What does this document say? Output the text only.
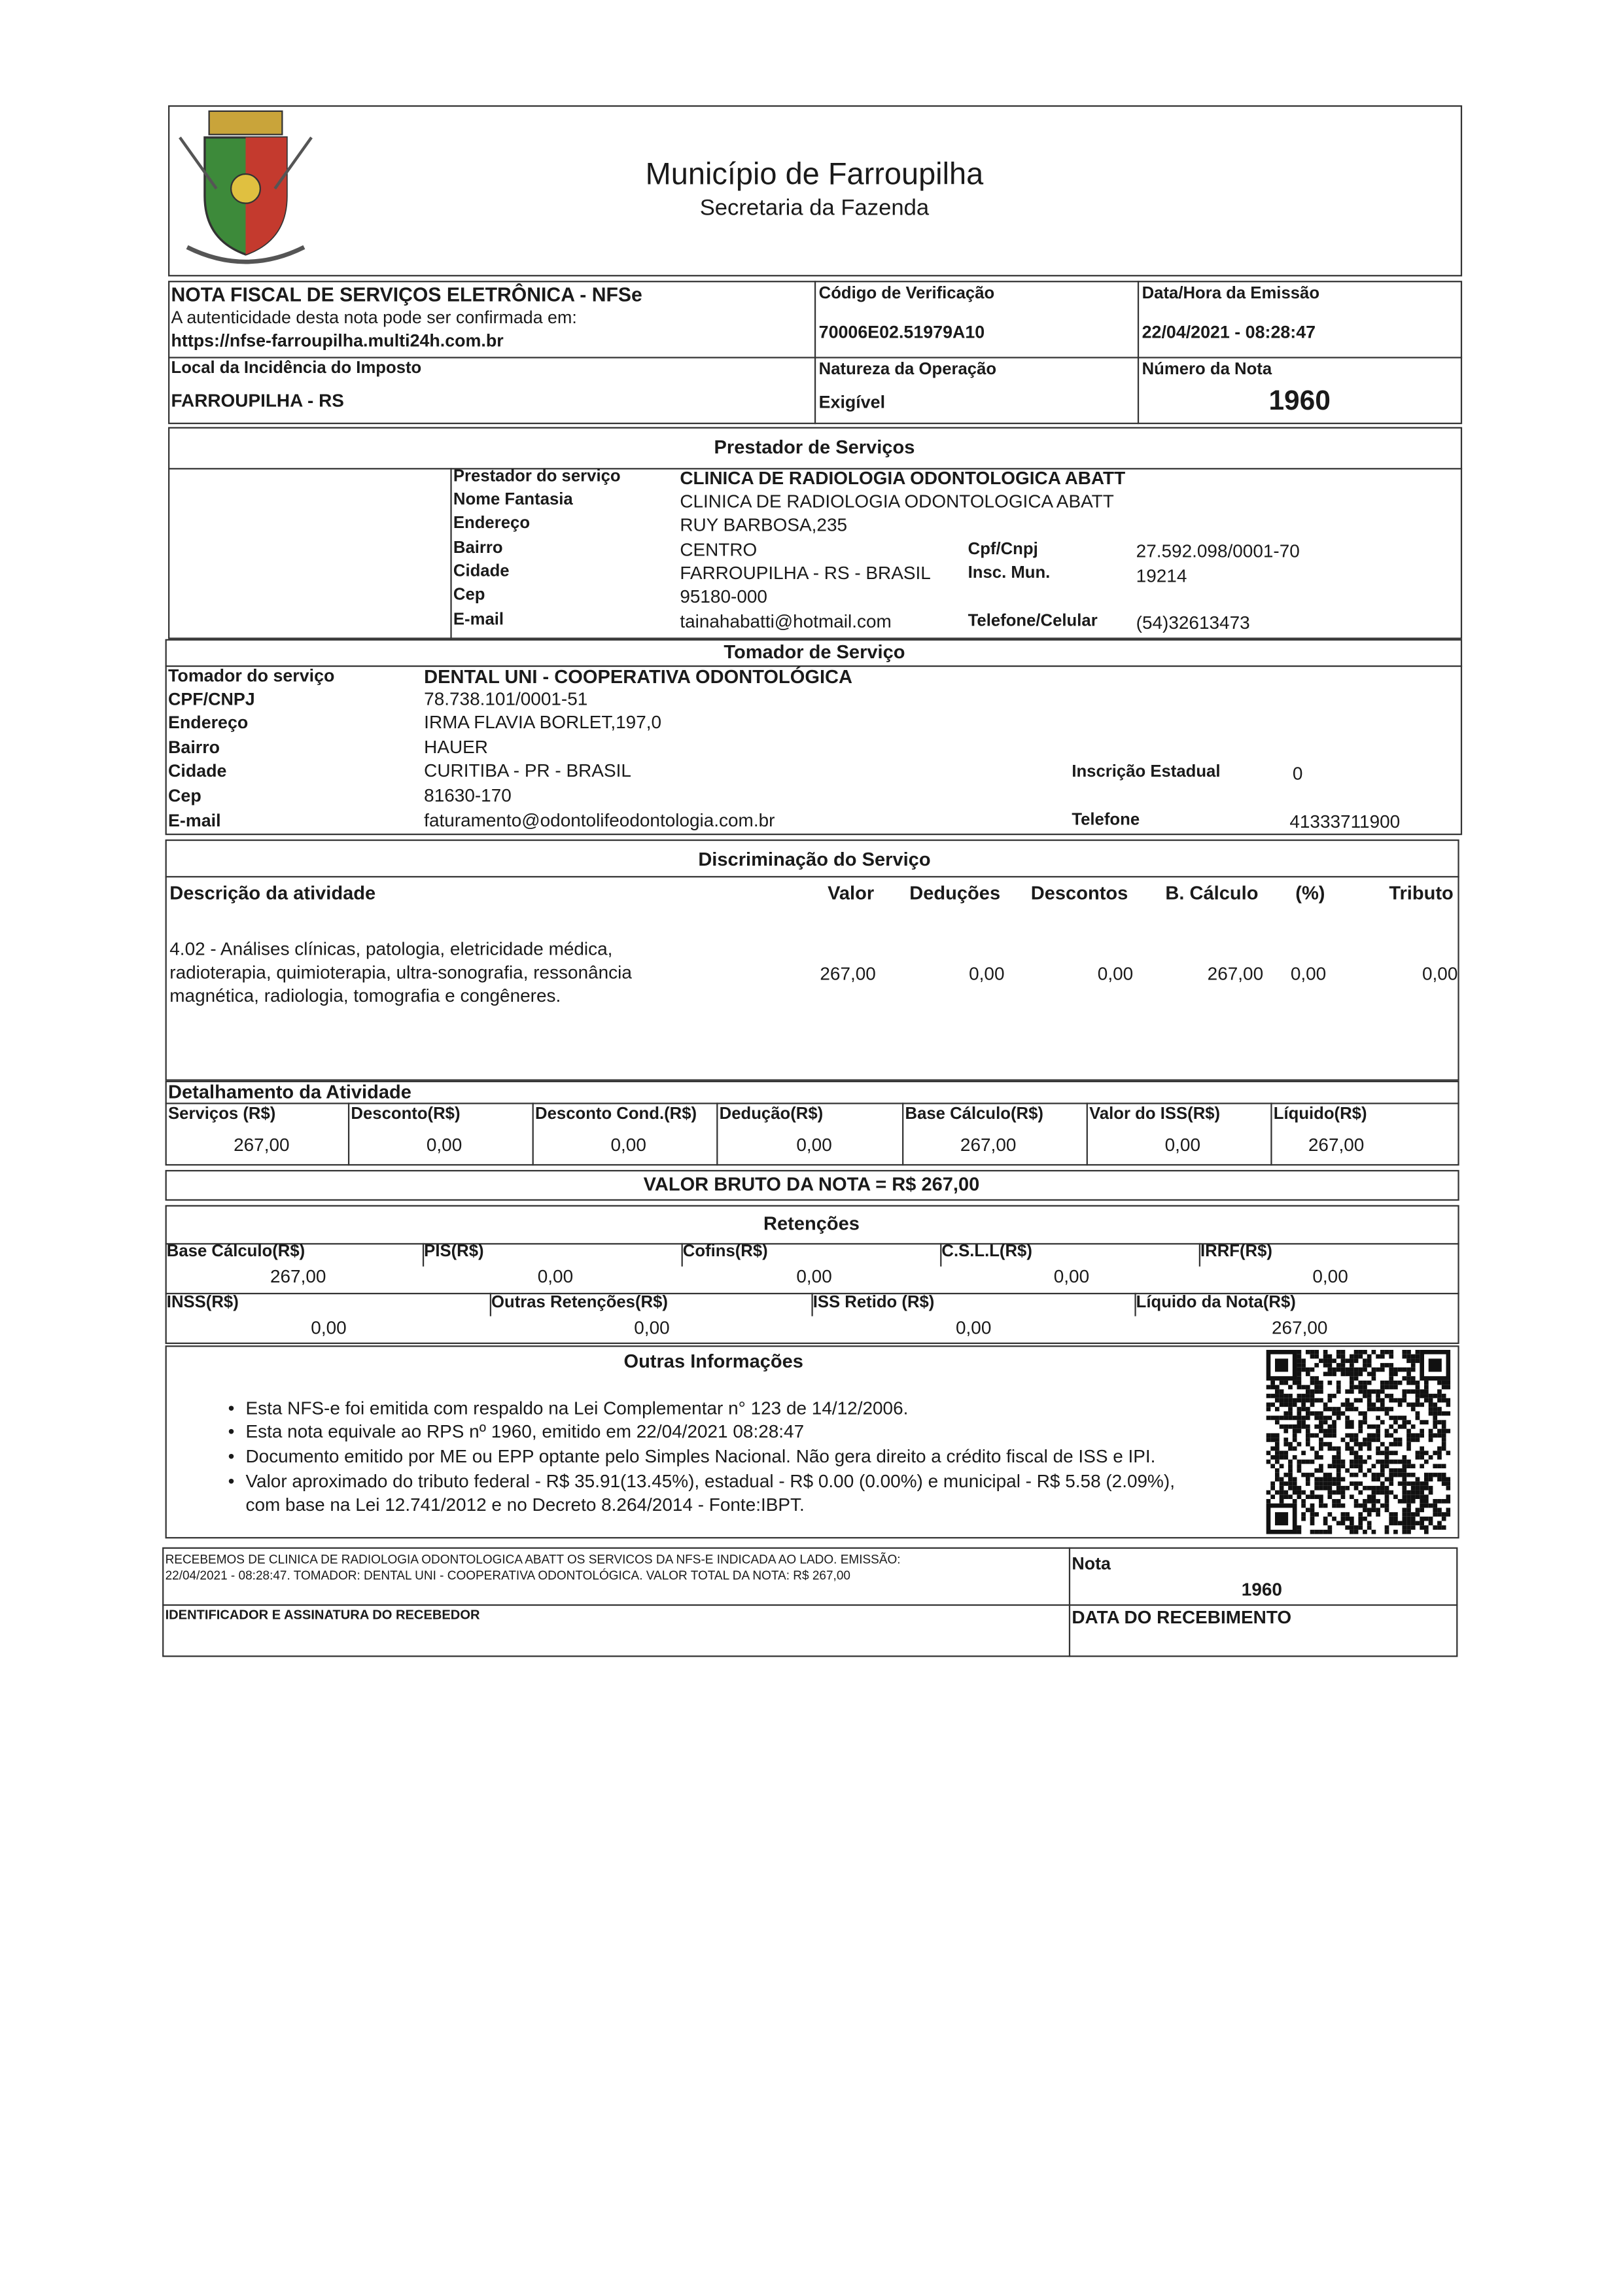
Município de Farroupilha
Secretaria da Fazenda
NOTA FISCAL DE SERVIÇOS ELETRÔNICA - NFSe
A autenticidade desta nota pode ser confirmada em:
https://nfse-farroupilha.multi24h.com.br
Código de Verificação
70006E02.51979A10
Data/Hora da Emissão
22/04/2021 - 08:28:47
Local da Incidência do Imposto
FARROUPILHA - RS
Natureza da Operação
Exigível
Número da Nota
1960
Prestador de Serviços
Cpf/Cnpj	27.592.098/0001-70
Insc. Mun.	19214
Telefone/Celular	(54)32613473
Tomador de Serviço
Inscrição Estadual	0
Telefone	41333711900
Discriminação do Serviço
Descrição da atividade	Valor	Deduções	Descontos	B. Cálculo	(%)	Tributo
4.02 - Análises clínicas, patologia, eletricidade médica,
radioterapia, quimioterapia, ultra-sonografia, ressonância
magnética, radiologia, tomografia e congêneres.
267,00	0,00	0,00	267,00	0,00	0,00
Detalhamento da Atividade
VALOR BRUTO DA NOTA = R$ 267,00
Retenções
Outras Informações
RECEBEMOS DE CLINICA DE RADIOLOGIA ODONTOLOGICA ABATT OS SERVICOS DA NFS-E INDICADA AO LADO. EMISSÃO:
22/04/2021 - 08:28:47. TOMADOR: DENTAL UNI - COOPERATIVA ODONTOLÓGICA. VALOR TOTAL DA NOTA: R$ 267,00
Nota
1960
IDENTIFICADOR E ASSINATURA DO RECEBEDOR	DATA DO RECEBIMENTO
Prestador do serviço	CLINICA DE RADIOLOGIA ODONTOLOGICA ABATT
Nome Fantasia	CLINICA DE RADIOLOGIA ODONTOLOGICA ABATT
Endereço	RUY BARBOSA,235
Bairro	CENTRO
Cidade	FARROUPILHA - RS - BRASIL
Cep	95180-000
E-mail	tainahabatti@hotmail.com
Tomador do serviço	DENTAL UNI - COOPERATIVA ODONTOLÓGICA
CPF/CNPJ	78.738.101/0001-51
Endereço	IRMA FLAVIA BORLET,197,0
Bairro	HAUER
Cidade	CURITIBA - PR - BRASIL
Cep	81630-170
E-mail	faturamento@odontolifeodontologia.com.br
Serviços (R$)
267,00
Desconto(R$)
0,00
Desconto Cond.(R$)
0,00
Dedução(R$)
0,00
Base Cálculo(R$)
267,00
Valor do ISS(R$)
0,00
Líquido(R$)
267,00
Base Cálculo(R$)
267,00
PIS(R$)
0,00
Cofins(R$)
0,00
C.S.L.L(R$)
0,00
IRRF(R$)
0,00
INSS(R$)
0,00
Outras Retenções(R$)
0,00
ISS Retido (R$)
0,00
Líquido da Nota(R$)
267,00
• Esta NFS-e foi emitida com respaldo na Lei Complementar n° 123 de 14/12/2006.
• Esta nota equivale ao RPS nº 1960, emitido em 22/04/2021 08:28:47
• Documento emitido por ME ou EPP optante pelo Simples Nacional. Não gera direito a crédito fiscal de ISS e IPI.
• Valor aproximado do tributo federal - R$ 35.91(13.45%), estadual - R$ 0.00 (0.00%) e municipal - R$ 5.58 (2.09%),
com base na Lei 12.741/2012 e no Decreto 8.264/2014 - Fonte:IBPT.
